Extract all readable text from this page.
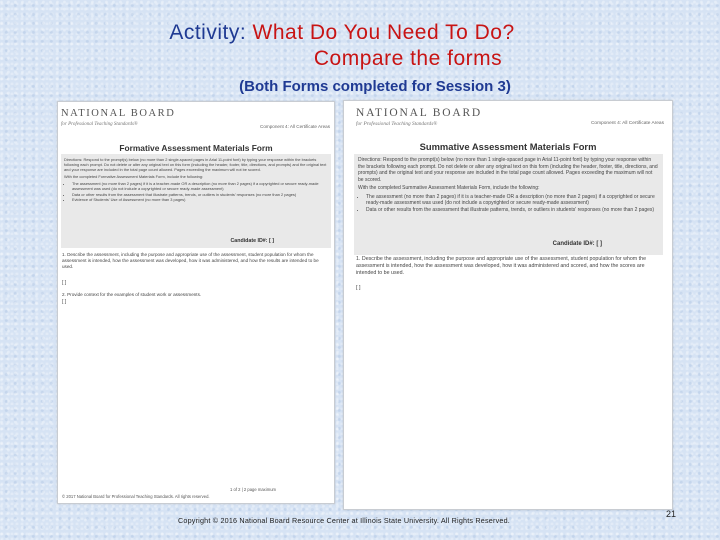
Activity: What Do You Need To Do?
Compare the forms
(Both Forms completed for Session 3)
NATIONAL BOARD
for Professional Teaching Standards®	Component 4: All Certificate Areas
Formative Assessment Materials Form

Directions: Respond to the prompt(s) below (no more than 2 single-spaced pages in Arial 11-point font) by typing your response within the brackets following each prompt. Do not delete or alter any original text on this form (including the header, footer, title, directions, and prompts) and the original text and your response are included in the total page count allowed. Pages exceeding the maximum will not be scored.

With the completed Formative Assessment Materials Form, include the following:

• The assessment (no more than 2 pages) if it is a teacher-made OR a description (no more than 2 pages) if a copyrighted or secure ready-made assessment was used (do not include a copyrighted or secure ready-made assessment)
• Data or other results from the assessment that illustrate patterns, trends, or outliers in students' responses (no more than 2 pages)
• Evidence of Students' Use of Assessment (no more than 3 pages)
Candidate ID#: [ ]
1. Describe the assessment, including the purpose and appropriate use of the assessment, student population for whom the assessment is intended, how the assessment was developed, how it was administered, and how the results are intended to be used.
[ ]
2. Provide context for the examples of student work or assessments.
[ ]
© 2017 National Board for Professional Teaching Standards. All rights reserved.
1 of 2 | 2 page maximum
NATIONAL BOARD
for Professional Teaching Standards®	Component 4: All Certificate Areas
Summative Assessment Materials Form

Directions: Respond to the prompt(s) below (no more than 1 single-spaced page in Arial 11-point font) by typing your response within the brackets following each prompt. Do not delete or alter any original text on this form (including the header, footer, title, directions, and prompts) and the original text and your response are included in the total page count allowed. Pages exceeding the maximum will not be scored.

With the completed Summative Assessment Materials Form, include the following:

• The assessment (no more than 2 pages) if it is a teacher-made OR a description (no more than 2 pages) if a copyrighted or secure ready-made assessment was used (do not include a copyrighted or secure ready-made assessment)
• Data or other results from the assessment that illustrate patterns, trends, or outliers in students' responses (no more than 2 pages)
Candidate ID#: [ ]
1. Describe the assessment, including the purpose and appropriate use of the assessment, student population for whom the assessment is intended, how the assessment was developed, how it was administered and scored, and how the scores are intended to be used.
[ ]
Copyright © 2016 National Board Resource Center at Illinois State University. All Rights Reserved.
21
